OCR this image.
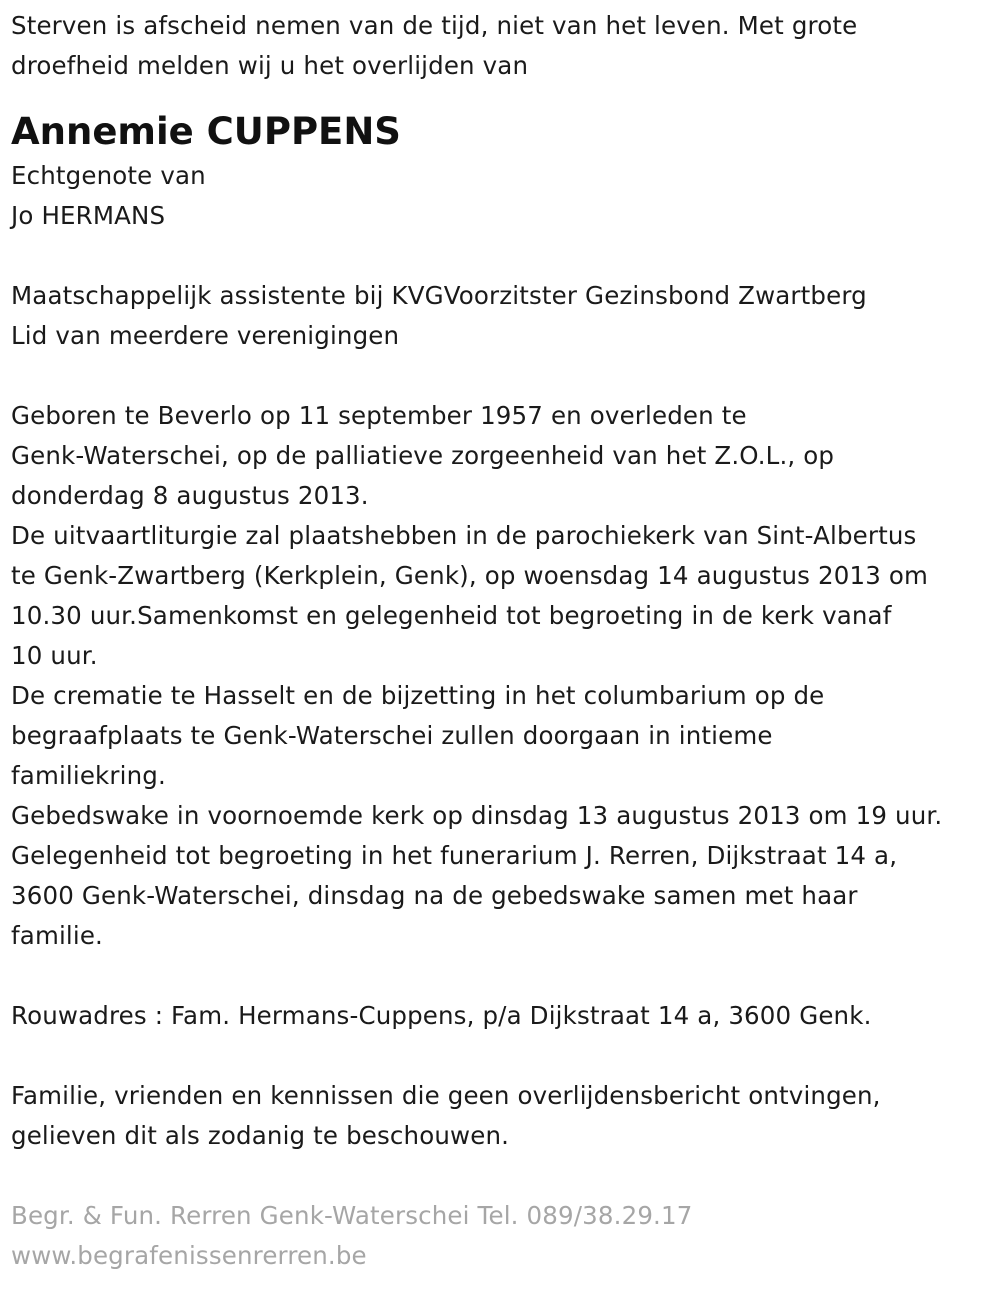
Sterven is afscheid nemen van de tijd, niet van het leven. Met grote
droefheid melden wij u het overlijden van
Annemie CUPPENS
Echtgenote van
Jo HERMANS
Maatschappelijk assistente bij KVGVoorzitster Gezinsbond Zwartberg
Lid van meerdere verenigingen
Geboren te Beverlo op 11 september 1957 en overleden te
Genk-Waterschei, op de palliatieve zorgeenheid van het Z.O.L., op
donderdag 8 augustus 2013.
De uitvaartliturgie zal plaatshebben in de parochiekerk van Sint-Albertus
te Genk-Zwartberg (Kerkplein, Genk), op woensdag 14 augustus 2013 om
10.30 uur.Samenkomst en gelegenheid tot begroeting in de kerk vanaf
10 uur.
De crematie te Hasselt en de bijzetting in het columbarium op de
begraafplaats te Genk-Waterschei zullen doorgaan in intieme
familiekring.
Gebedswake in voornoemde kerk op dinsdag 13 augustus 2013 om 19 uur.
Gelegenheid tot begroeting in het funerarium J. Rerren, Dijkstraat 14 a,
3600 Genk-Waterschei, dinsdag na de gebedswake samen met haar
familie.
Rouwadres : Fam. Hermans-Cuppens, p/a Dijkstraat 14 a, 3600 Genk.
Familie, vrienden en kennissen die geen overlijdensbericht ontvingen,
gelieven dit als zodanig te beschouwen.
Begr. & Fun. Rerren Genk-Waterschei Tel. 089/38.29.17
www.begrafenissenrerren.be
